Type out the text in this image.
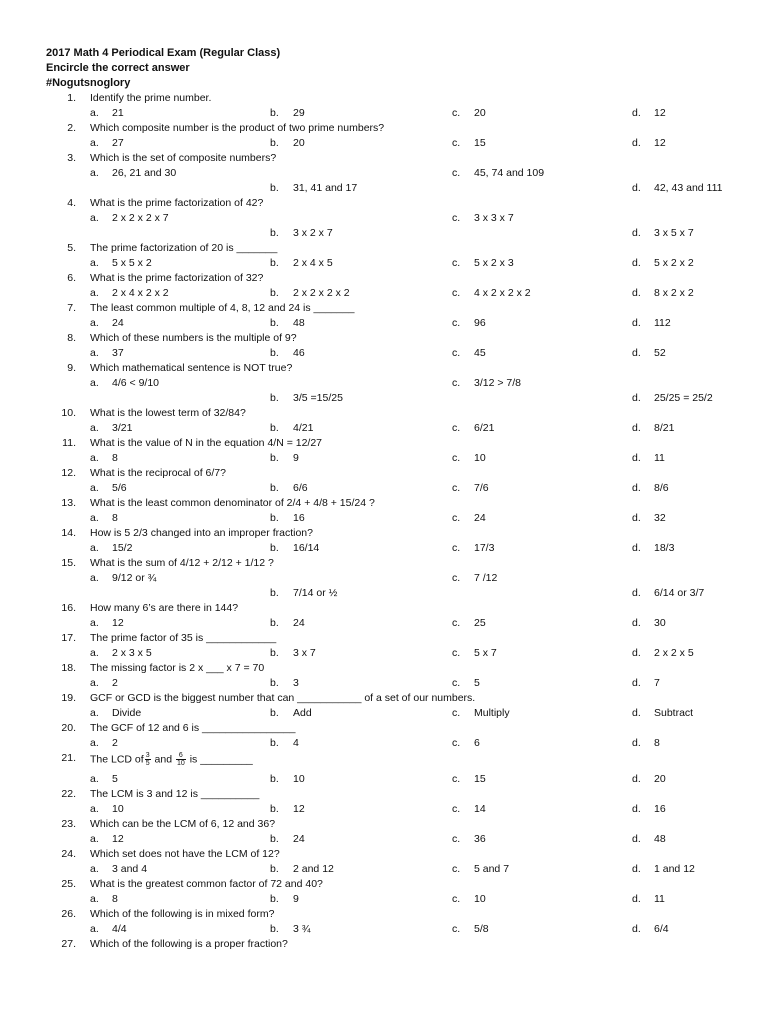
2017 Math 4 Periodical Exam (Regular Class)
Encircle the correct answer
#Nogutsnoglory
1. Identify the prime number.
a. 21	b. 29	c. 20	d. 12
2. Which composite number is the product of two prime numbers?
a. 27	b. 20	c. 15	d. 12
3. Which is the set of composite numbers?
a. 26, 21 and 30	c. 45, 74 and 109
b. 31, 41 and 17	d. 42, 43 and 111
4. What is the prime factorization of 42?
a. 2 x 2 x 2 x 7	c. 3 x 3 x 7
b. 3 x 2 x 7	d. 3 x 5 x 7
5. The prime factorization of 20 is _______
a. 5 x 5 x 2	b. 2 x 4 x 5	c. 5 x 2 x 3	d. 5 x 2 x 2
6. What is the prime factorization of 32?
a. 2 x 4 x 2 x 2	b. 2 x 2 x 2 x 2	c. 4 x 2 x 2 x 2	d. 8 x 2 x 2
7. The least common multiple of 4, 8, 12 and 24 is _______
a. 24	b. 48	c. 96	d. 112
8. Which of these numbers is the multiple of 9?
a. 37	b. 46	c. 45	d. 52
9. Which mathematical sentence is NOT true?
a. 4/6 < 9/10	c. 3/12 > 7/8
b. 3/5 =15/25	d. 25/25 = 25/2
10. What is the lowest term of 32/84?
a. 3/21	b. 4/21	c. 6/21	d. 8/21
11. What is the value of N in the equation 4/N = 12/27
a. 8	b. 9	c. 10	d. 11
12. What is the reciprocal of 6/7?
a. 5/6	b. 6/6	c. 7/6	d. 8/6
13. What is the least common denominator of 2/4 + 4/8 + 15/24 ?
a. 8	b. 16	c. 24	d. 32
14. How is 5 2/3 changed into an improper fraction?
a. 15/2	b. 16/14	c. 17/3	d. 18/3
15. What is the sum of 4/12 + 2/12 + 1/12 ?
a. 9/12 or ¾	c. 7 /12
b. 7/14 or ½	d. 6/14 or 3/7
16. How many 6’s are there in 144?
a. 12	b. 24	c. 25	d. 30
17. The prime factor of 35 is ____________
a. 2 x 3 x 5	b. 3 x 7	c. 5 x 7	d. 2 x 2 x 5
18. The missing factor is 2 x ___ x 7 = 70
a. 2	b. 3	c. 5	d. 7
19. GCF or GCD is the biggest number that can ___________ of a set of our numbers.
a. Divide	b. Add	c. Multiply	d. Subtract
20. The GCF of 12 and 6 is ________________
a. 2	b. 4	c. 6	d. 8
21. The LCD of $\frac{3}{5}$ and $\frac{6}{10}$ is _________
a. 5	b. 10	c. 15	d. 20
22. The LCM is 3 and 12 is __________
a. 10	b. 12	c. 14	d. 16
23. Which can be the LCM of 6, 12 and 36?
a. 12	b. 24	c. 36	d. 48
24. Which set does not have the LCM of 12?
a. 3 and 4	b. 2 and 12	c. 5 and 7	d. 1 and 12
25. What is the greatest common factor of 72 and 40?
a. 8	b. 9	c. 10	d. 11
26. Which of the following is in mixed form?
a. 4/4	b. 3 ¾	c. 5/8	d. 6/4
27. Which of the following is a proper fraction?
